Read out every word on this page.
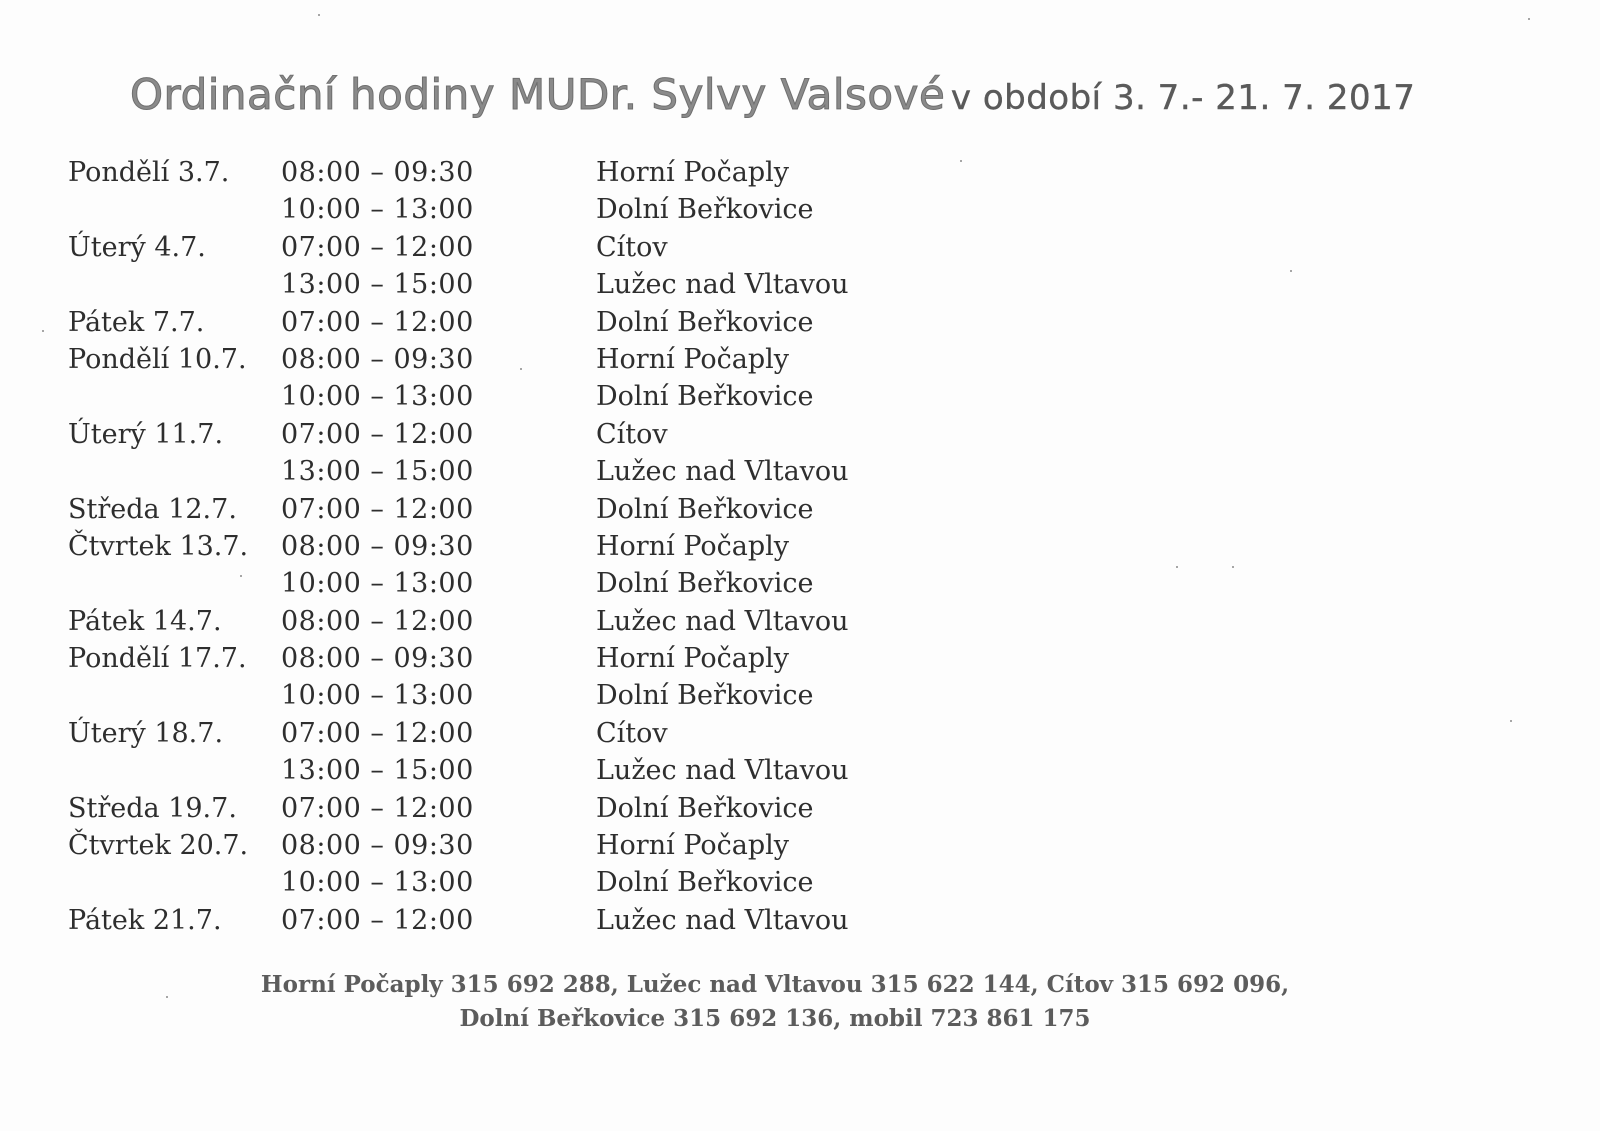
Ordinační hodiny MUDr. Sylvy Valsové v období 3. 7.- 21. 7. 2017
Pondělí 3.7. 08:00 – 09:30	Horní Počaply
10:00 – 13:00	Dolní Beřkovice
Úterý 4.7.	07:00 – 12:00	Cítov
13:00 – 15:00	Lužec nad Vltavou
Pátek 7.7.	07:00 – 12:00	Dolní Beřkovice
Pondělí 10.7. 08:00 – 09:30	Horní Počaply
10:00 – 13:00	Dolní Beřkovice
Úterý 11.7. 07:00 – 12:00	Cítov
13:00 – 15:00	Lužec nad Vltavou
Středa 12.7. 07:00 – 12:00	Dolní Beřkovice
Čtvrtek 13.7. 08:00 – 09:30	Horní Počaply
10:00 – 13:00	Dolní Beřkovice
Pátek 14.7. 08:00 – 12:00	Lužec nad Vltavou
Pondělí 17.7. 08:00 – 09:30	Horní Počaply
10:00 – 13:00	Dolní Beřkovice
Úterý 18.7. 07:00 – 12:00	Cítov
13:00 – 15:00	Lužec nad Vltavou
Středa 19.7. 07:00 – 12:00	Dolní Beřkovice
Čtvrtek 20.7. 08:00 – 09:30	Horní Počaply
10:00 – 13:00	Dolní Beřkovice
Pátek 21.7. 07:00 – 12:00	Lužec nad Vltavou
Horní Počaply 315 692 288, Lužec nad Vltavou 315 622 144, Cítov 315 692 096,
Dolní Beřkovice 315 692 136, mobil 723 861 175
